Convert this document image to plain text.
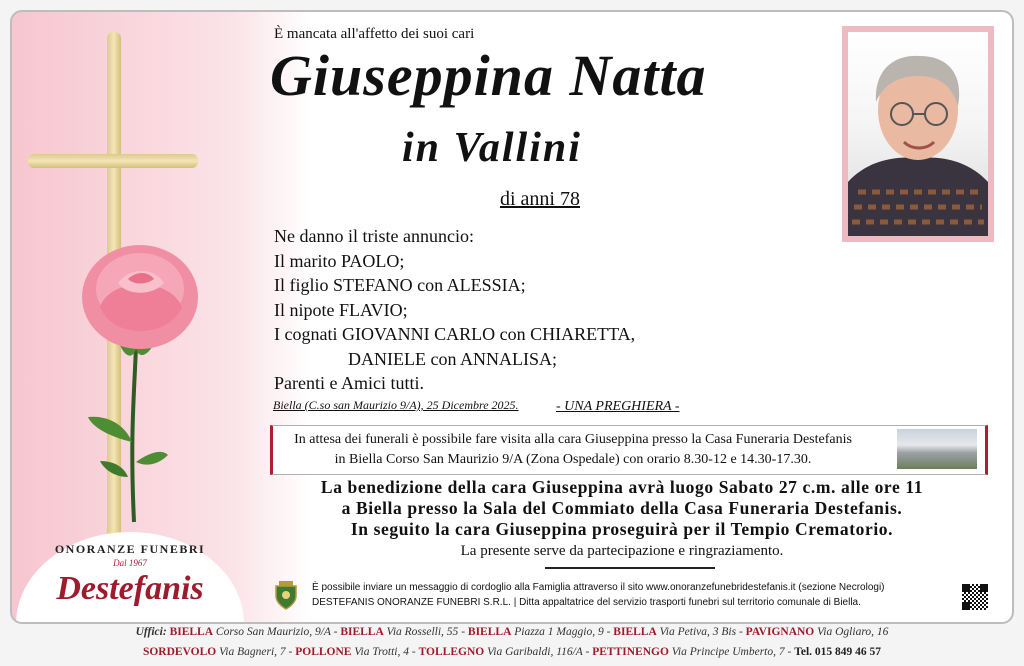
È mancata all'affetto dei suoi cari
Giuseppina Natta
in Vallini
di anni 78
Ne danno il triste annuncio:
Il marito PAOLO;
Il figlio STEFANO con ALESSIA;
Il nipote FLAVIO;
I cognati GIOVANNI CARLO con CHIARETTA,
DANIELE con ANNALISA;
Parenti e Amici tutti.
Biella (C.so san Maurizio 9/A), 25 Dicembre 2025.	- UNA PREGHIERA -
In attesa dei funerali è possibile fare visita alla cara Giuseppina presso la Casa Funeraria Destefanis
in Biella Corso San Maurizio 9/A (Zona Ospedale) con orario 8.30-12 e 14.30-17.30.
La benedizione della cara Giuseppina avrà luogo Sabato 27 c.m. alle ore 11
a Biella presso la Sala del Commiato della Casa Funeraria Destefanis.
In seguito la cara Giuseppina proseguirà per il Tempio Crematorio.
La presente serve da partecipazione e ringraziamento.
È possibile inviare un messaggio di cordoglio alla Famiglia attraverso il sito www.onoranzefunebridestefanis.it (sezione Necrologi)
DESTEFANIS ONORANZE FUNEBRI S.R.L. | Ditta appaltatrice del servizio trasporti funebri sul territorio comunale di Biella.
ONORANZE FUNEBRI
Dal 1967
Destefanis
Uffici: BIELLA Corso San Maurizio, 9/A - BIELLA Via Rosselli, 55 - BIELLA Piazza 1 Maggio, 9 - BIELLA Via Petiva, 3 Bis - PAVIGNANO Via Ogliaro, 16
SORDEVOLO Via Bagneri, 7 - POLLONE Via Trotti, 4 - TOLLEGNO Via Garibaldi, 116/A - PETTINENGO Via Principe Umberto, 7 - Tel. 015 849 46 57
